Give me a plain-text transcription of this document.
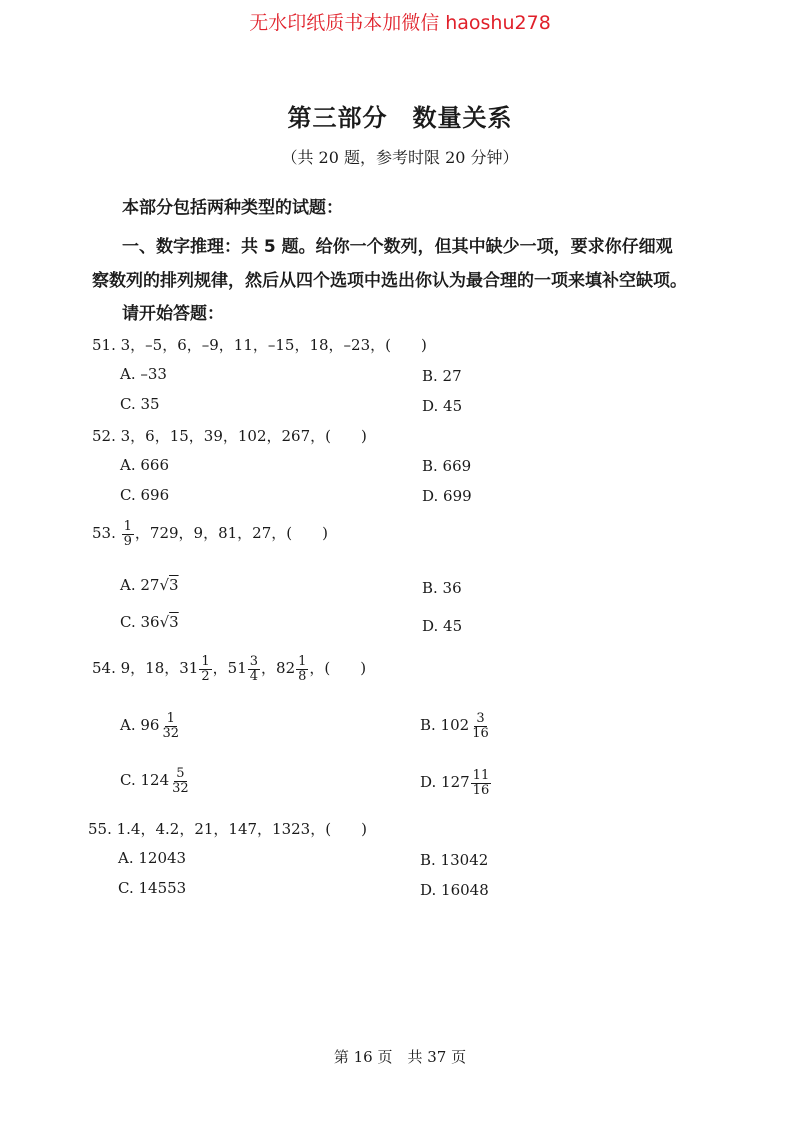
无水印纸质书本加微信 haoshu278
第三部分　数量关系
（共 20 题，参考时限 20 分钟）
本部分包括两种类型的试题：
一、数字推理：共 5 题。给你一个数列，但其中缺少一项，要求你仔细观
察数列的排列规律，然后从四个选项中选出你认为最合理的一项来填补空缺项。
请开始答题：
51. 3，–5，6，–9，11，–15，18，–23，(　　)
A. –33	B. 27
C. 35	D. 45
52. 3，6，15，39，102，267，(　　)
A. 666	B. 669
C. 696	D. 699
53. $\frac{1}{9}$ ，729，9，81，27，(　　)
A. 27√3	B. 36
C. 36√3	D. 45
54. 9，18，$31 \frac{1}{2}$ ，$51 \frac{3}{4}$ ，$82 \frac{1}{8}$ ，(　　)
A. $96 \frac{1}{32}$	B. $102 \frac{3}{16}$
C. $124 \frac{5}{32}$	D. $127 \frac{11}{16}$
55. 1.4，4.2，21，147，1323，(　　)
A. 12043	B. 13042
C. 14553	D. 16048
第 16 页　共 37 页
